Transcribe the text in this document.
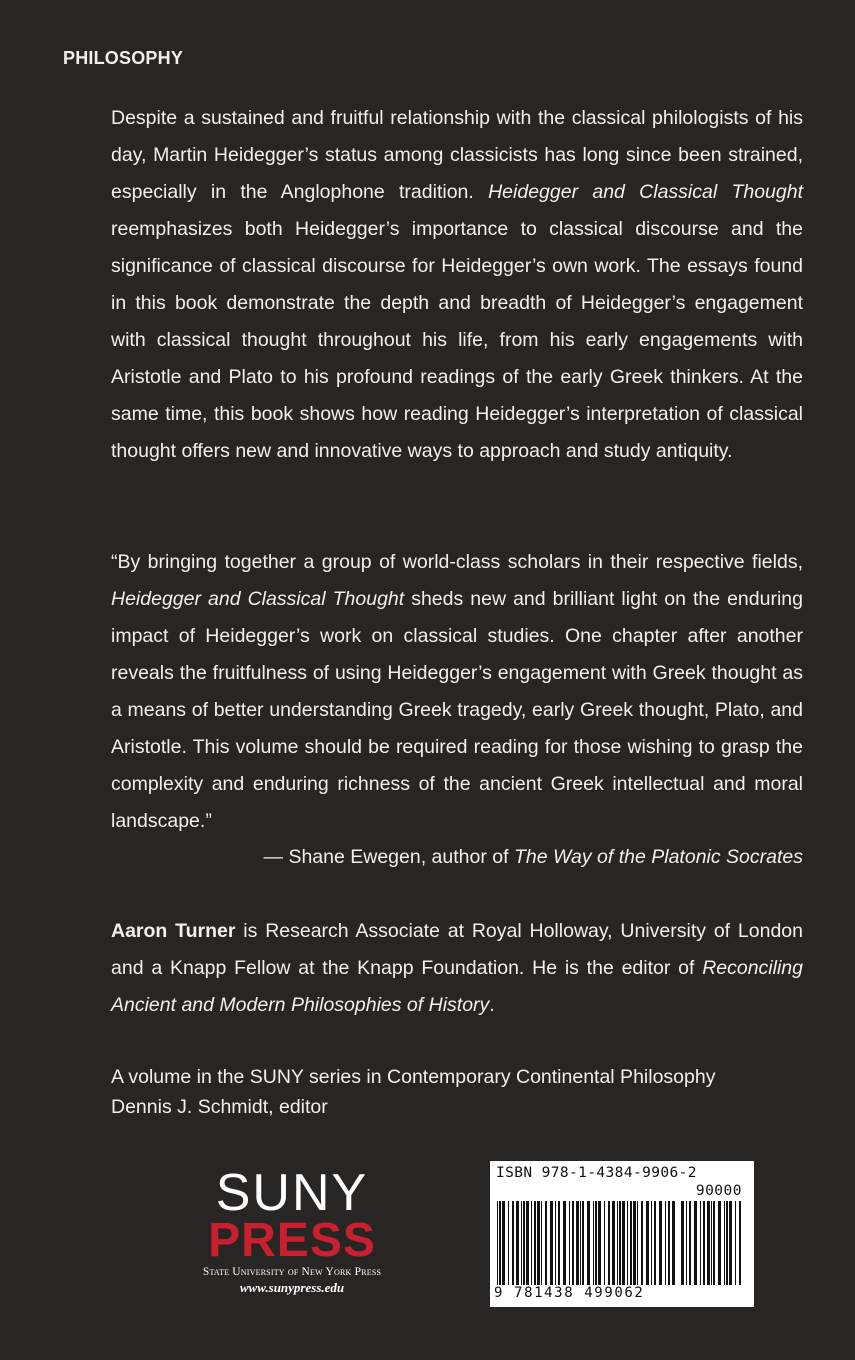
PHILOSOPHY

Despite a sustained and fruitful relationship with the classical philologists of his day, Martin Heidegger’s status among classicists has long since been strained, especially in the Anglophone tradition. Heidegger and Classical Thought reemphasizes both Heidegger’s importance to classical discourse and the significance of classical discourse for Heidegger’s own work. The essays found in this book demonstrate the depth and breadth of Heidegger’s engagement with classical thought throughout his life, from his early engagements with Aristotle and Plato to his profound readings of the early Greek thinkers. At the same time, this book shows how reading Heidegger’s interpretation of classical thought offers new and innovative ways to approach and study antiquity.

“By bringing together a group of world-class scholars in their respective fields, Heidegger and Classical Thought sheds new and brilliant light on the enduring impact of Heidegger’s work on classical studies. One chapter after another reveals the fruitfulness of using Heidegger’s engagement with Greek thought as a means of better understanding Greek tragedy, early Greek thought, Plato, and Aristotle. This volume should be required reading for those wishing to grasp the complexity and enduring richness of the ancient Greek intellectual and moral landscape.”

— Shane Ewegen, author of The Way of the Platonic Socrates

Aaron Turner is Research Associate at Royal Holloway, University of London and a Knapp Fellow at the Knapp Foundation. He is the editor of Reconciling Ancient and Modern Philosophies of History.

A volume in the SUNY series in Contemporary Continental Philosophy
Dennis J. Schmidt, editor
SUNY
PRESS
State University of New York Press
www.sunypress.edu
ISBN 978-1-4384-9906-2
90000
9 781438 499062
